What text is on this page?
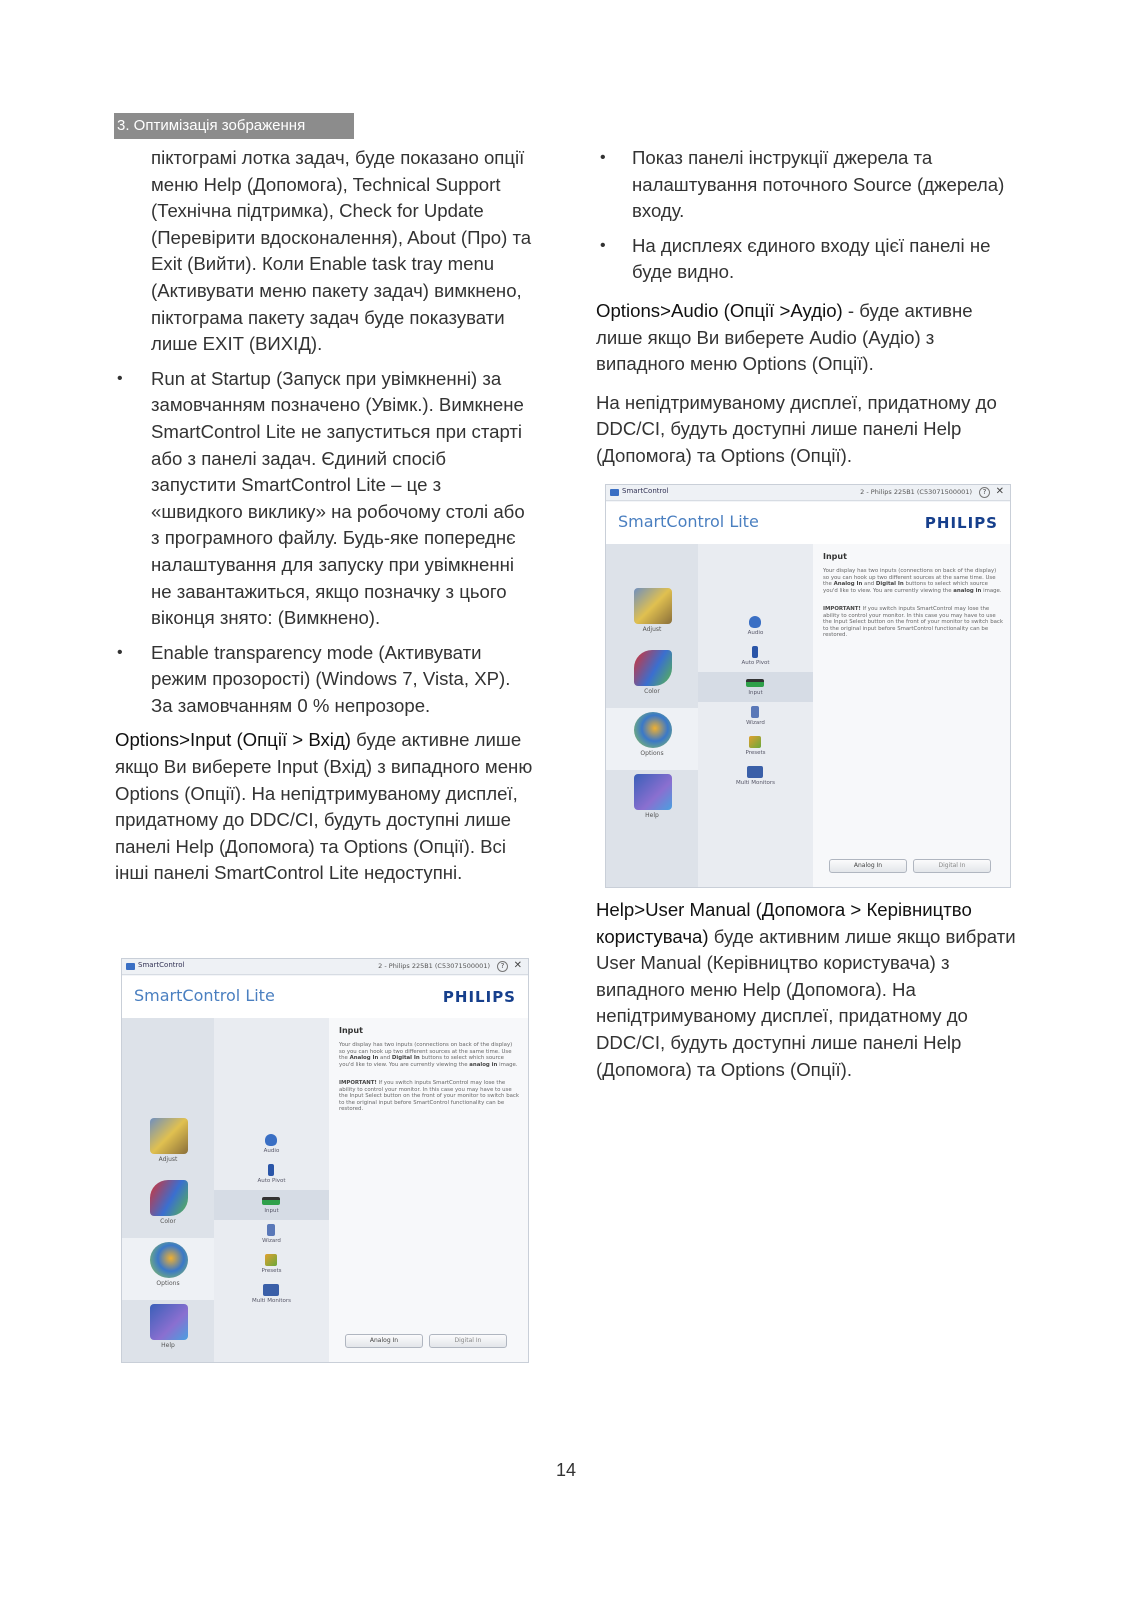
3. Оптимізація зображення

піктограмі лотка задач, буде показано опції меню Help (Допомога), Technical Support (Технічна підтримка), Check for Update (Перевірити вдосконалення), About (Про) та Exit (Вийти). Коли Enable task tray menu (Активувати меню пакету задач) вимкнено, піктограма пакету задач буде показувати лише EXIT (ВИХІД).

• Run at Startup (Запуск при увімкненні) за замовчанням позначено (Увімк.). Вимкнене SmartControl Lite не запуститься при старті або з панелі задач. Єдиний спосіб запустити SmartControl Lite – це з «швидкого виклику» на робочому столі або з програмного файлу. Будь-яке попереднє налаштування для запуску при увімкненні не завантажиться, якщо позначку з цього віконця знято: (Вимкнено).

• Enable transparency mode (Активувати режим прозорості) (Windows 7, Vista, XP). За замовчанням 0 % непрозоре.

Options>Input (Опції > Вхід) буде активне лише якщо Ви виберете Input (Вхід) з випадного меню Options (Опції). На непідтримуваному дисплеї, придатному до DDC/CI, будуть доступні лише панелі Help (Допомога) та Options (Опції). Всі інші панелі SmartControl Lite недоступні.

• Показ панелі інструкції джерела та налаштування поточного Source (джерела) входу.

• На дисплеях єдиного входу цієї панелі не буде видно.

Options>Audio (Опції >Аудіо) - буде активне лише якщо Ви виберете Audio (Аудіо) з випадного меню Options (Опції).

На непідтримуваному дисплеї, придатному до DDC/CI, будуть доступні лише панелі Help (Допомога) та Options (Опції).

Help>User Manual (Допомога > Керівництво користувача) буде активним лише якщо вибрати User Manual (Керівництво користувача) з випадного меню Help (Допомога). На непідтримуваному дисплеї, придатному до DDC/CI, будуть доступні лише панелі Help (Допомога) та Options (Опції).

SmartControl	2 - Philips 225B1 (C53071500001)	? ✕
SmartControl Lite	PHILIPS
Adjust
Color
Options
Help
Audio
Auto Pivot
Input
Wizard
Presets
Multi Monitors
Input
Your display has two inputs (connections on back of the display) so you can hook up two different sources at the same time. Use the Analog In and Digital In buttons to select which source you'd like to view. You are currently viewing the analog in image.
IMPORTANT! If you switch inputs SmartControl may lose the ability to control your monitor. In this case you may have to use the Input Select button on the front of your monitor to switch back to the original input before SmartControl functionality can be restored.
Analog In	Digital In
SmartControl	2 - Philips 225B1 (C53071500001)	? ✕
SmartControl Lite	PHILIPS
Adjust
Color
Options
Help
Audio
Auto Pivot
Input
Wizard
Presets
Multi Monitors
Input
Your display has two inputs (connections on back of the display) so you can hook up two different sources at the same time. Use the Analog In and Digital In buttons to select which source you'd like to view. You are currently viewing the analog in image.
IMPORTANT! If you switch inputs SmartControl may lose the ability to control your monitor. In this case you may have to use the Input Select button on the front of your monitor to switch back to the original input before SmartControl functionality can be restored.
Analog In	Digital In
14
